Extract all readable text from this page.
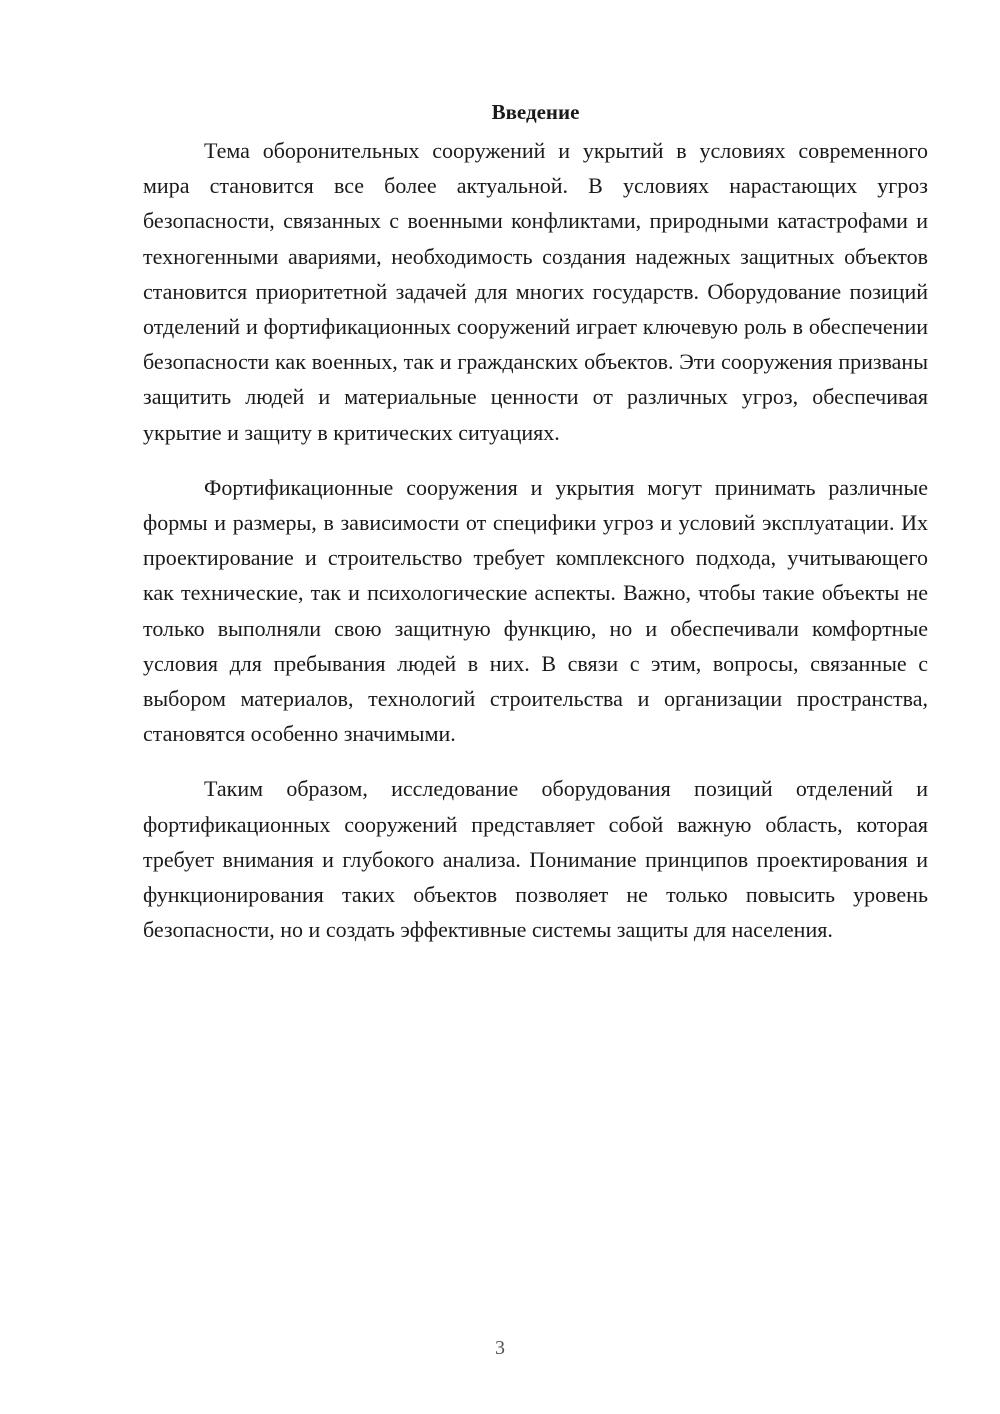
Введение

Тема оборонительных сооружений и укрытий в условиях современного мира становится все более актуальной. В условиях нарастающих угроз безопасности, связанных с военными конфликтами, природными катастрофами и техногенными авариями, необходимость создания надежных защитных объектов становится приоритетной задачей для многих государств. Оборудование позиций отделений и фортификационных сооружений играет ключевую роль в обеспечении безопасности как военных, так и гражданских объектов. Эти сооружения призваны защитить людей и материальные ценности от различных угроз, обеспечивая укрытие и защиту в критических ситуациях.

Фортификационные сооружения и укрытия могут принимать различные формы и размеры, в зависимости от специфики угроз и условий эксплуатации. Их проектирование и строительство требует комплексного подхода, учитывающего как технические, так и психологические аспекты. Важно, чтобы такие объекты не только выполняли свою защитную функцию, но и обеспечивали комфортные условия для пребывания людей в них. В связи с этим, вопросы, связанные с выбором материалов, технологий строительства и организации пространства, становятся особенно значимыми.

Таким образом, исследование оборудования позиций отделений и фортификационных сооружений представляет собой важную область, которая требует внимания и глубокого анализа. Понимание принципов проектирования и функционирования таких объектов позволяет не только повысить уровень безопасности, но и создать эффективные системы защиты для населения.

3
